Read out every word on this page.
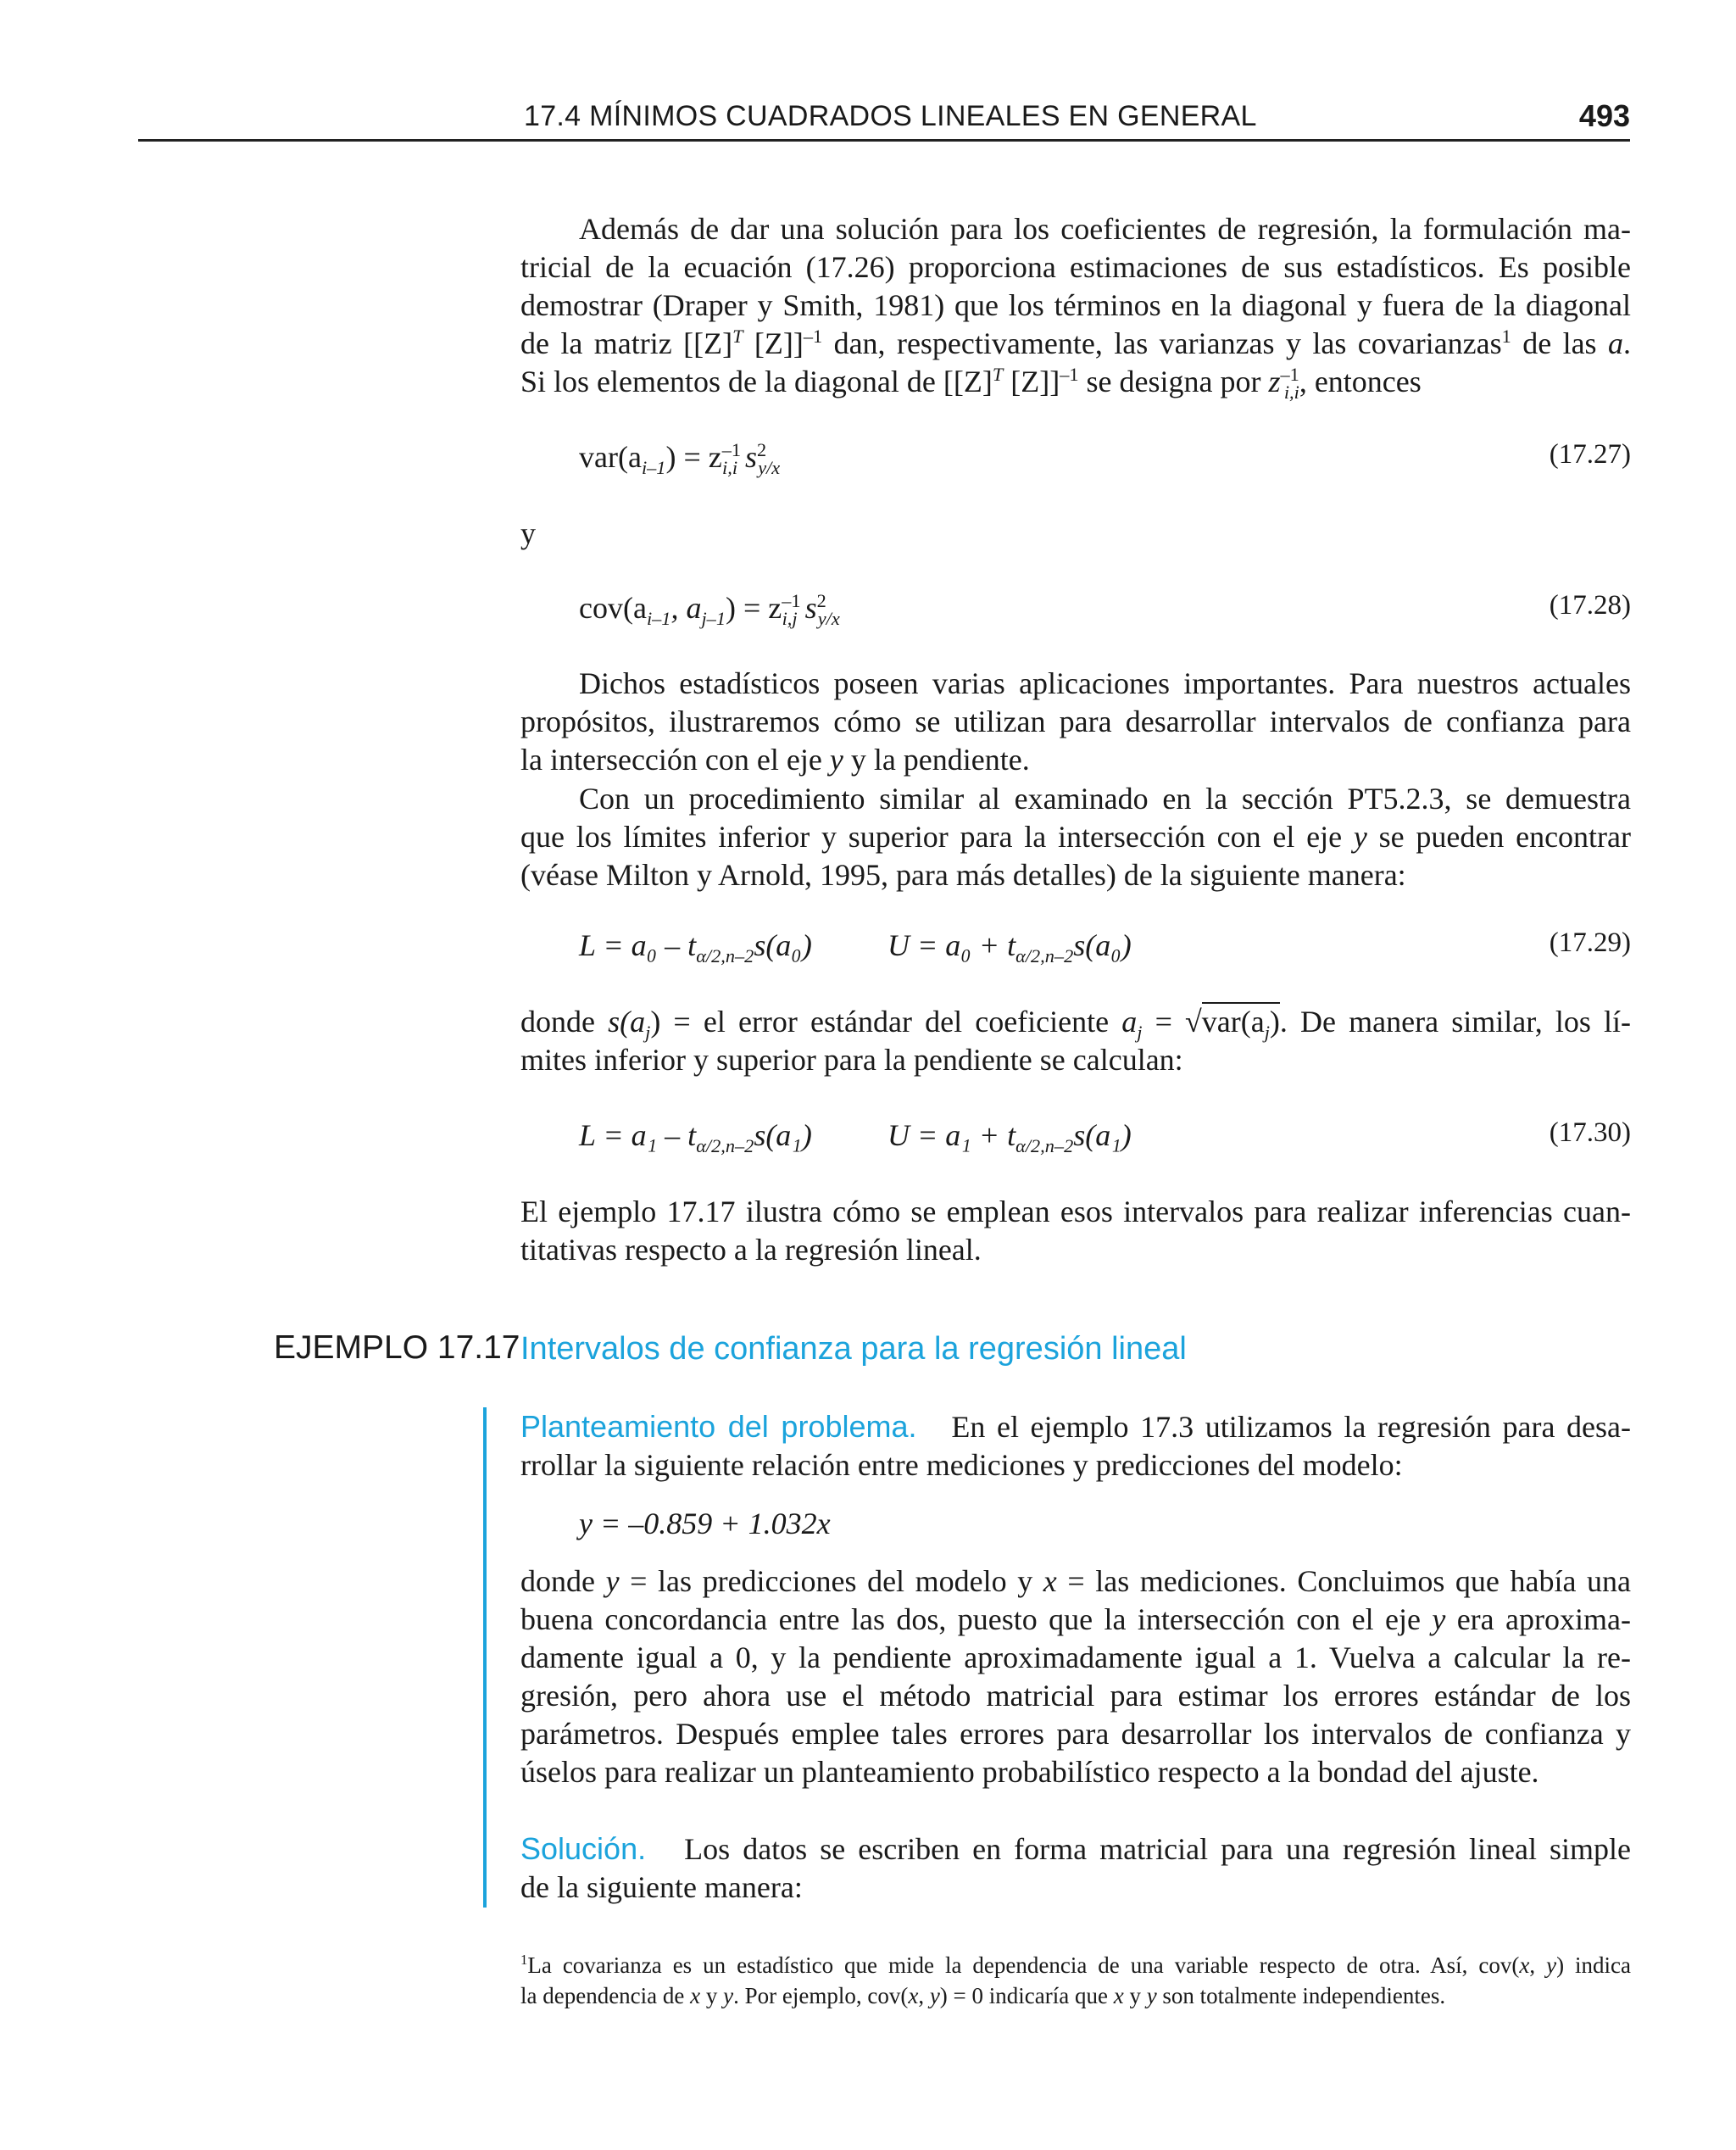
17.4 MÍNIMOS CUADRADOS LINEALES EN GENERAL	493
Además de dar una solución para los coeficientes de regresión, la formulación ma-
tricial de la ecuación (17.26) proporciona estimaciones de sus estadísticos. Es posible
demostrar (Draper y Smith, 1981) que los términos en la diagonal y fuera de la diagonal
de la matriz [$[Z]^T$ [Z]]$^{-1}$ dan, respectivamente, las varianzas y las covarianzas$^1$ de las a.
Si los elementos de la diagonal de [$[Z]^T$ [Z]]$^{-1}$ se designa por $z^{-1}_{i,i}$, entonces
$var(a_{i-1}) = z^{-1}_{i,i}$ $s^2_{y/x}$	(17.27)
y
$cov(a_{i-1}$, $a_{j-1}) = z^{-1}_{i,j}$ $s^2_{y/x}$	(17.28)
Dichos estadísticos poseen varias aplicaciones importantes. Para nuestros actuales
propósitos, ilustraremos cómo se utilizan para desarrollar intervalos de confianza para
la intersección con el eje y y la pendiente.
Con un procedimiento similar al examinado en la sección PT5.2.3, se demuestra
que los límites inferior y superior para la intersección con el eje y se pueden encontrar
(véase Milton y Arnold, 1995, para más detalles) de la siguiente manera:
$L = a_0 - t_{\alpha/2,n-2}s(a_0) U = a_0 + t_{\alpha/2,n-2}s(a_0)$	(17.29)
donde $s(a_j)$ = el error estándar del coeficiente $a_j = √var(a_j)$. De manera similar, los lí-
mites inferior y superior para la pendiente se calculan:
$L = a_1 - t_{\alpha/2,n-2}s(a_1) U = a_1 + t_{\alpha/2,n-2}s(a_1)$	(17.30)
El ejemplo 17.17 ilustra cómo se emplean esos intervalos para realizar inferencias cuan-
titativas respecto a la regresión lineal.
EJEMPLO 17.17 Intervalos de confianza para la regresión lineal
Planteamiento del problema. En el ejemplo 17.3 utilizamos la regresión para desa-
rrollar la siguiente relación entre mediciones y predicciones del modelo:
y = –0.859 + 1.032x
donde y = las predicciones del modelo y x = las mediciones. Concluimos que había una
buena concordancia entre las dos, puesto que la intersección con el eje y era aproxima-
damente igual a 0, y la pendiente aproximadamente igual a 1. Vuelva a calcular la re-
gresión, pero ahora use el método matricial para estimar los errores estándar de los
parámetros. Después emplee tales errores para desarrollar los intervalos de confianza y
úselos para realizar un planteamiento probabilístico respecto a la bondad del ajuste.
Solución. Los datos se escriben en forma matricial para una regresión lineal simple
de la siguiente manera:
$^1$La covarianza es un estadístico que mide la dependencia de una variable respecto de otra. Así, cov(x, y) indica
la dependencia de x y y. Por ejemplo, cov(x, y) = 0 indicaría que x y y son totalmente independientes.
